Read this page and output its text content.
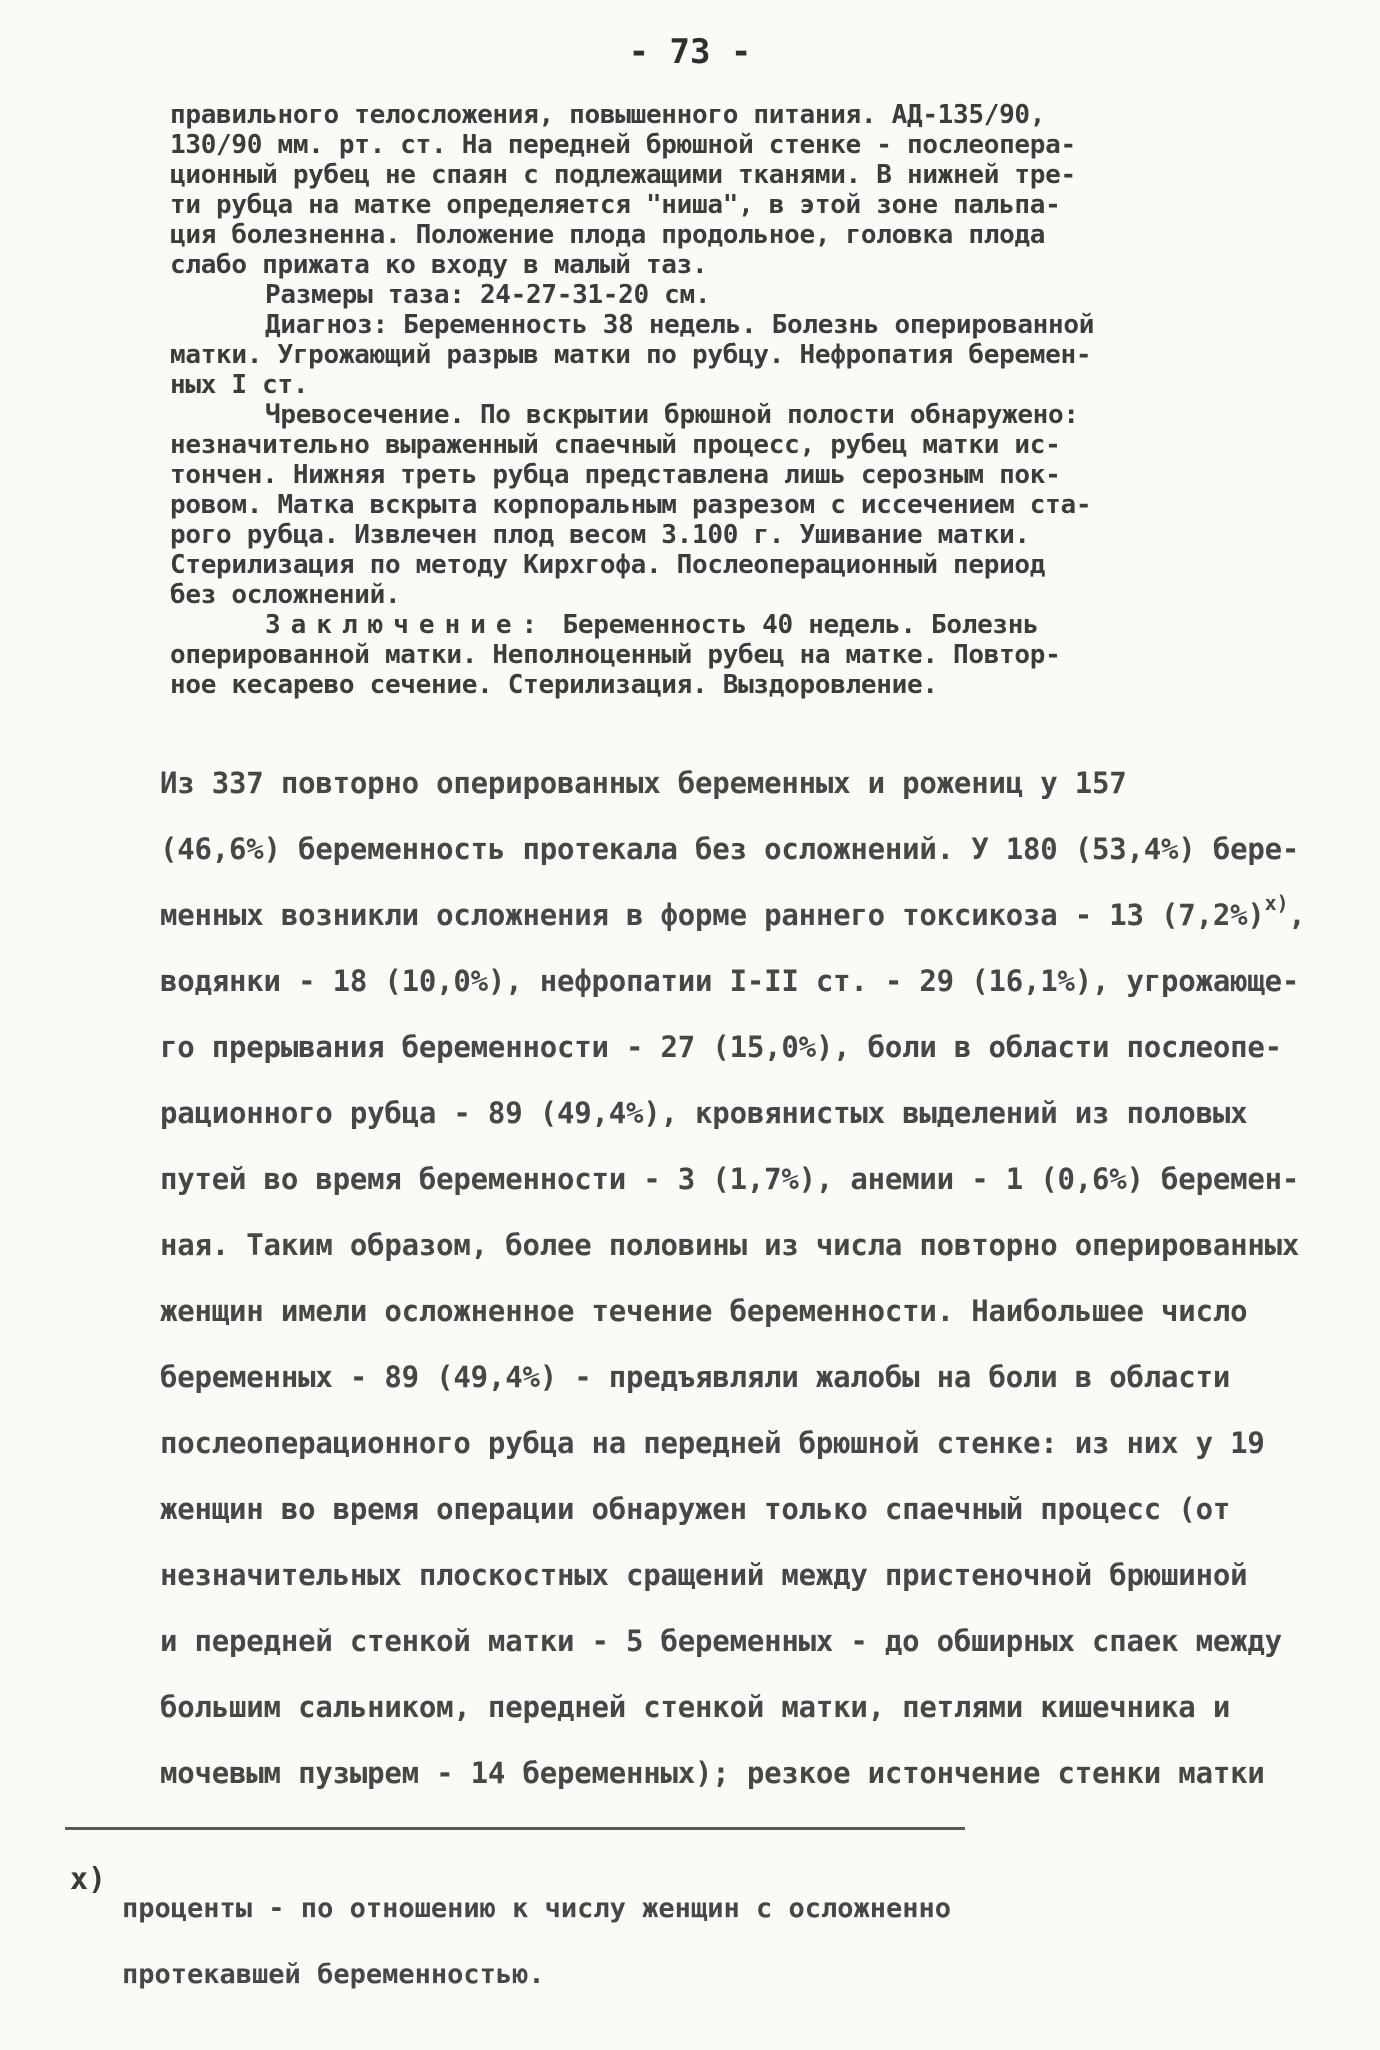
- 73 -

правильного телосложения, повышенного питания. АД-135/90,

130/90 мм. рт. ст. На передней брюшной стенке - послеопера-

ционный рубец не спаян с подлежащими тканями. В нижней тре-

ти рубца на матке определяется "ниша", в этой зоне пальпа-

ция болезненна. Положение плода продольное, головка плода

слабо прижата ко входу в малый таз.

Размеры таза: 24-27-31-20 см.

Диагноз: Беременность 38 недель. Болезнь оперированной

матки. Угрожающий разрыв матки по рубцу. Нефропатия беремен-

ных I ст.

Чревосечение. По вскрытии брюшной полости обнаружено:

незначительно выраженный спаечный процесс, рубец матки ис-

тончен. Нижняя треть рубца представлена лишь серозным пок-

ровом. Матка вскрыта корпоральным разрезом с иссечением ста-

рого рубца. Извлечен плод весом 3.100 г. Ушивание матки.

Стерилизация по методу Кирхгофа. Послеоперационный период

без осложнений.

Заключение: Беременность 40 недель. Болезнь

оперированной матки. Неполноценный рубец на матке. Повтор-

ное кесарево сечение. Стерилизация. Выздоровление.

Из 337 повторно оперированных беременных и рожениц у 157

(46,6%) беременность протекала без осложнений. У 180 (53,4%) бере-

менных возникли осложнения в форме раннего токсикоза - 13 (7,2%)$^{x)}$,

водянки - 18 (10,0%), нефропатии I-II ст. - 29 (16,1%), угрожающе-

го прерывания беременности - 27 (15,0%), боли в области послеопе-

рационного рубца - 89 (49,4%), кровянистых выделений из половых

путей во время беременности - 3 (1,7%), анемии - 1 (0,6%) беремен-

ная. Таким образом, более половины из числа повторно оперированных

женщин имели осложненное течение беременности. Наибольшее число

беременных - 89 (49,4%) - предъявляли жалобы на боли в области

послеоперационного рубца на передней брюшной стенке: из них у 19

женщин во время операции обнаружен только спаечный процесс (от

незначительных плоскостных сращений между пристеночной брюшиной

и передней стенкой матки - 5 беременных - до обширных спаек между

большим сальником, передней стенкой матки, петлями кишечника и

мочевым пузырем - 14 беременных); резкое истончение стенки матки

x)

проценты - по отношению к числу женщин с осложненно

протекавшей беременностью.
